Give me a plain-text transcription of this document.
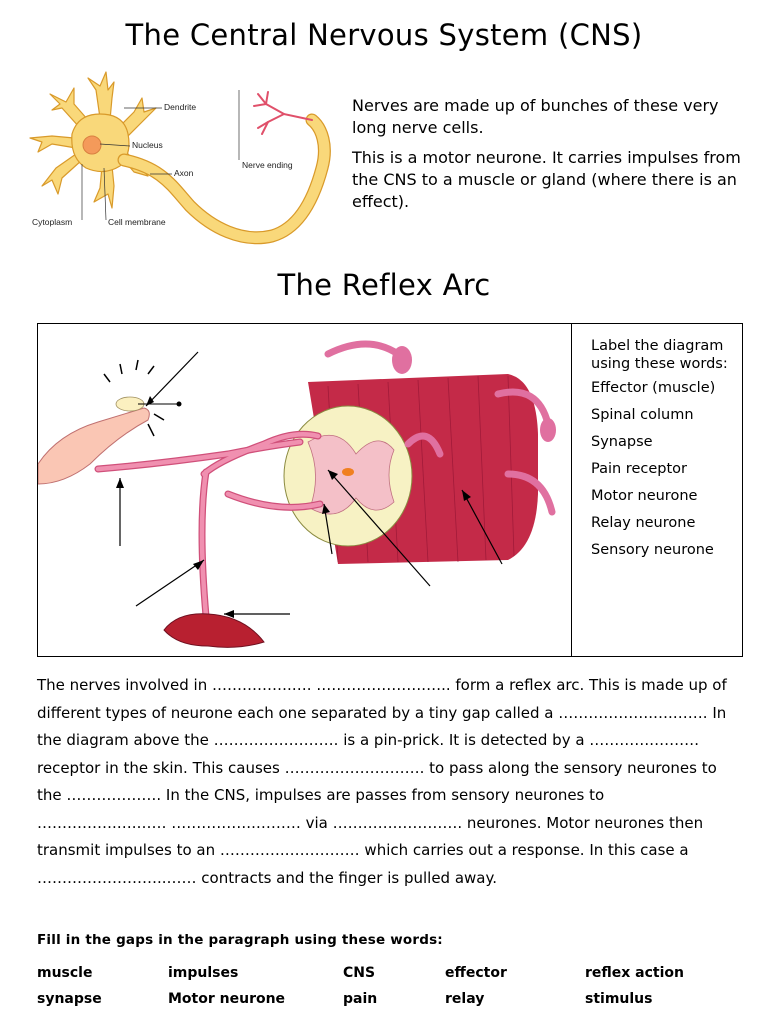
The Central Nervous System (CNS)
Dendrite
Nucleus
Axon
Cytoplasm	Cell membrane
Nerve ending

Nerves are made up of bunches of these very long nerve cells.

This is a motor neurone. It carries impulses from the CNS to a muscle or gland (where there is an effect).

The Reflex Arc
Label the diagram using these words:
Effector (muscle)
Spinal column
Synapse
Pain receptor
Motor neurone
Relay neurone
Sensory neurone
The nerves involved in …………….…. ………………….….. form a reflex arc. This is made up of different types of neurone each one separated by a tiny gap called a ……………….….……. In the diagram above the ……………………. is a pin-prick. It is detected by a ………….……… receptor in the skin. This causes ………………………. to pass along the sensory neurones to the ………………. In the CNS, impulses are passes from sensory neurones to …………….….…… ……………..……… via ………….…………. neurones. Motor neurones then transmit impulses to an ………….…………… which carries out a response. In this case a ……………………..…… contracts and the finger is pulled away.
Fill in the gaps in the paragraph using these words:
muscle	impulses	CNS	effector	reflex action
synapse	Motor neurone	pain	relay	stimulus
